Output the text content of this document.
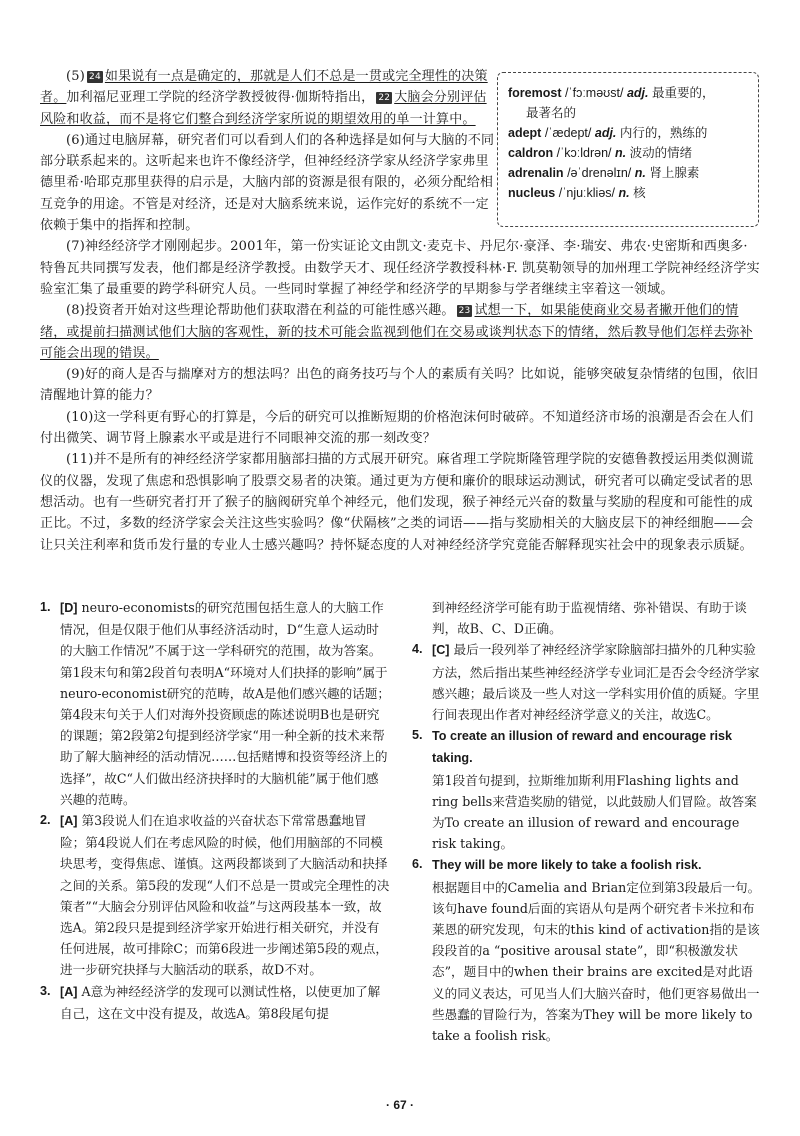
(5) 24 如果说有一点是确定的，那就是人们不总是一贯或完全理性的决策者。加利福尼亚理工学院的经济学教授彼得·伽斯特指出， 22 大脑会分别评估风险和收益，而不是将它们整合到经济学家所说的期望效用的单一计算中。

(6)通过电脑屏幕，研究者们可以看到人们的各种选择是如何与大脑的不同部分联系起来的。这听起来也许不像经济学，但神经经济学家从经济学家弗里德里希·哈耶克那里获得的启示是，大脑内部的资源是很有限的，必须分配给相互竞争的用途。不管是对经济，还是对大脑系统来说，运作完好的系统不一定依赖于集中的指挥和控制。

(7)神经经济学才刚刚起步。2001年，第一份实证论文由凯文·麦克卡、丹尼尔·豪泽、李·瑞安、弗农·史密斯和西奥多·特鲁瓦共同撰写发表，他们都是经济学教授。由数学天才、现任经济学教授科林·F. 凯莫勒领导的加州理工学院神经经济学实验室汇集了最重要的跨学科研究人员。一些同时掌握了神经学和经济学的早期参与学者继续主宰着这一领域。

(8)投资者开始对这些理论帮助他们获取潜在利益的可能性感兴趣。 23 试想一下，如果能使商业交易者撇开他们的情绪，或提前扫描测试他们大脑的客观性，新的技术可能会监视到他们在交易或谈判状态下的情绪，然后教导他们怎样去弥补可能会出现的错误。

(9)好的商人是否与揣摩对方的想法吗？出色的商务技巧与个人的素质有关吗？比如说，能够突破复杂情绪的包围，依旧清醒地计算的能力？

(10)这一学科更有野心的打算是，今后的研究可以推断短期的价格泡沫何时破碎。不知道经济市场的浪潮是否会在人们付出微笑、调节肾上腺素水平或是进行不同眼神交流的那一刻改变？

(11)并不是所有的神经经济学家都用脑部扫描的方式展开研究。麻省理工学院斯隆管理学院的安德鲁教授运用类似测谎仪的仪器，发现了焦虑和恐惧影响了股票交易者的决策。通过更为方便和廉价的眼球运动测试，研究者可以确定受试者的思想活动。也有一些研究者打开了猴子的脑阀研究单个神经元，他们发现，猴子神经元兴奋的数量与奖励的程度和可能性的成正比。不过，多数的经济学家会关注这些实验吗？像“伏隔核”之类的词语——指与奖励相关的大脑皮层下的神经细胞——会让只关注利率和货币发行量的专业人士感兴趣吗？持怀疑态度的人对神经经济学究竟能否解释现实社会中的现象表示质疑。

foremost /ˈfɔːməʊst/ adj. 最重要的，
最著名的
adept /ˈædept/ adj. 内行的，熟练的
caldron /ˈkɔːldrən/ n. 波动的情绪
adrenalin /əˈdrenəlɪn/ n. 肾上腺素
nucleus /ˈnjuːkliəs/ n. 核

1. [D] neuro-economists的研究范围包括生意人的大脑工作情况，但是仅限于他们从事经济活动时，D“生意人运动时的大脑工作情况”不属于这一学科研究的范围，故为答案。第1段末句和第2段首句表明A“环境对人们抉择的影响”属于neuro-economist研究的范畴，故A是他们感兴趣的话题；第4段末句关于人们对海外投资顾虑的陈述说明B也是研究的课题；第2段第2句提到经济学家“用一种全新的技术来帮助了解大脑神经的活动情况……包括赌博和投资等经济上的选择”，故C“人们做出经济抉择时的大脑机能”属于他们感兴趣的范畴。

2. [A] 第3段说人们在追求收益的兴奋状态下常常愚蠢地冒险；第4段说人们在考虑风险的时候，他们用脑部的不同模块思考，变得焦虑、谨慎。这两段都谈到了大脑活动和抉择之间的关系。第5段的发现“人们不总是一贯或完全理性的决策者”“大脑会分别评估风险和收益”与这两段基本一致，故选A。第2段只是提到经济学家开始进行相关研究，并没有任何进展，故可排除C；而第6段进一步阐述第5段的观点，进一步研究抉择与大脑活动的联系，故D不对。

3. [A] A意为神经经济学的发现可以测试性格，以使更加了解自己，这在文中没有提及，故选A。第8段尾句提

到神经经济学可能有助于监视情绪、弥补错误、有助于谈判，故B、C、D正确。

4. [C] 最后一段列举了神经经济学家除脑部扫描外的几种实验方法，然后指出某些神经经济学专业词汇是否会令经济学家感兴趣；最后谈及一些人对这一学科实用价值的质疑。字里行间表现出作者对神经经济学意义的关注，故选C。

5. To create an illusion of reward and encourage risk taking.
第1段首句提到，拉斯维加斯利用Flashing lights and ring bells来营造奖励的错觉，以此鼓励人们冒险。故答案为To create an illusion of reward and encourage risk taking。

6. They will be more likely to take a foolish risk.
根据题目中的Camelia and Brian定位到第3段最后一句。该句have found后面的宾语从句是两个研究者卡米拉和布莱恩的研究发现，句末的this kind of activation指的是该段段首的a “positive arousal state”，即“积极激发状态”，题目中的when their brains are excited是对此语义的同义表达，可见当人们大脑兴奋时，他们更容易做出一些愚蠢的冒险行为，答案为They will be more likely to take a foolish risk。

· 67 ·
